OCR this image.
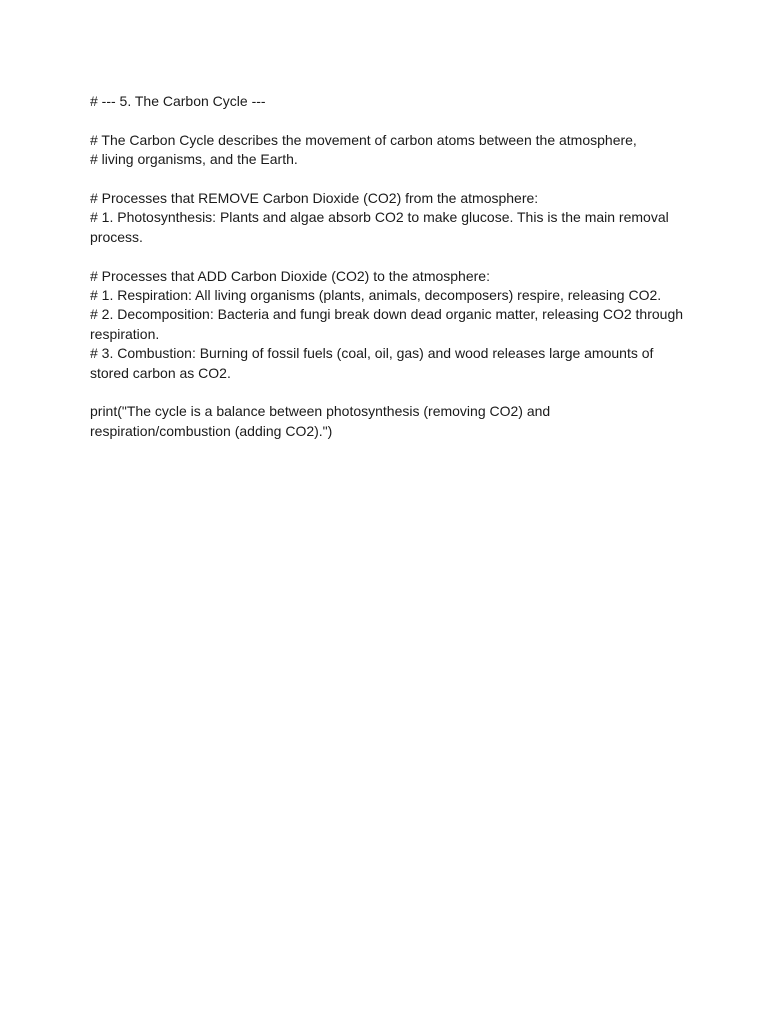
# --- 5. The Carbon Cycle ---
# The Carbon Cycle describes the movement of carbon atoms between the atmosphere,
# living organisms, and the Earth.
# Processes that REMOVE Carbon Dioxide (CO2) from the atmosphere:
# 1. Photosynthesis: Plants and algae absorb CO2 to make glucose. This is the main removal
process.
# Processes that ADD Carbon Dioxide (CO2) to the atmosphere:
# 1. Respiration: All living organisms (plants, animals, decomposers) respire, releasing CO2.
# 2. Decomposition: Bacteria and fungi break down dead organic matter, releasing CO2 through
respiration.
# 3. Combustion: Burning of fossil fuels (coal, oil, gas) and wood releases large amounts of
stored carbon as CO2.
print("The cycle is a balance between photosynthesis (removing CO2) and
respiration/combustion (adding CO2).")
